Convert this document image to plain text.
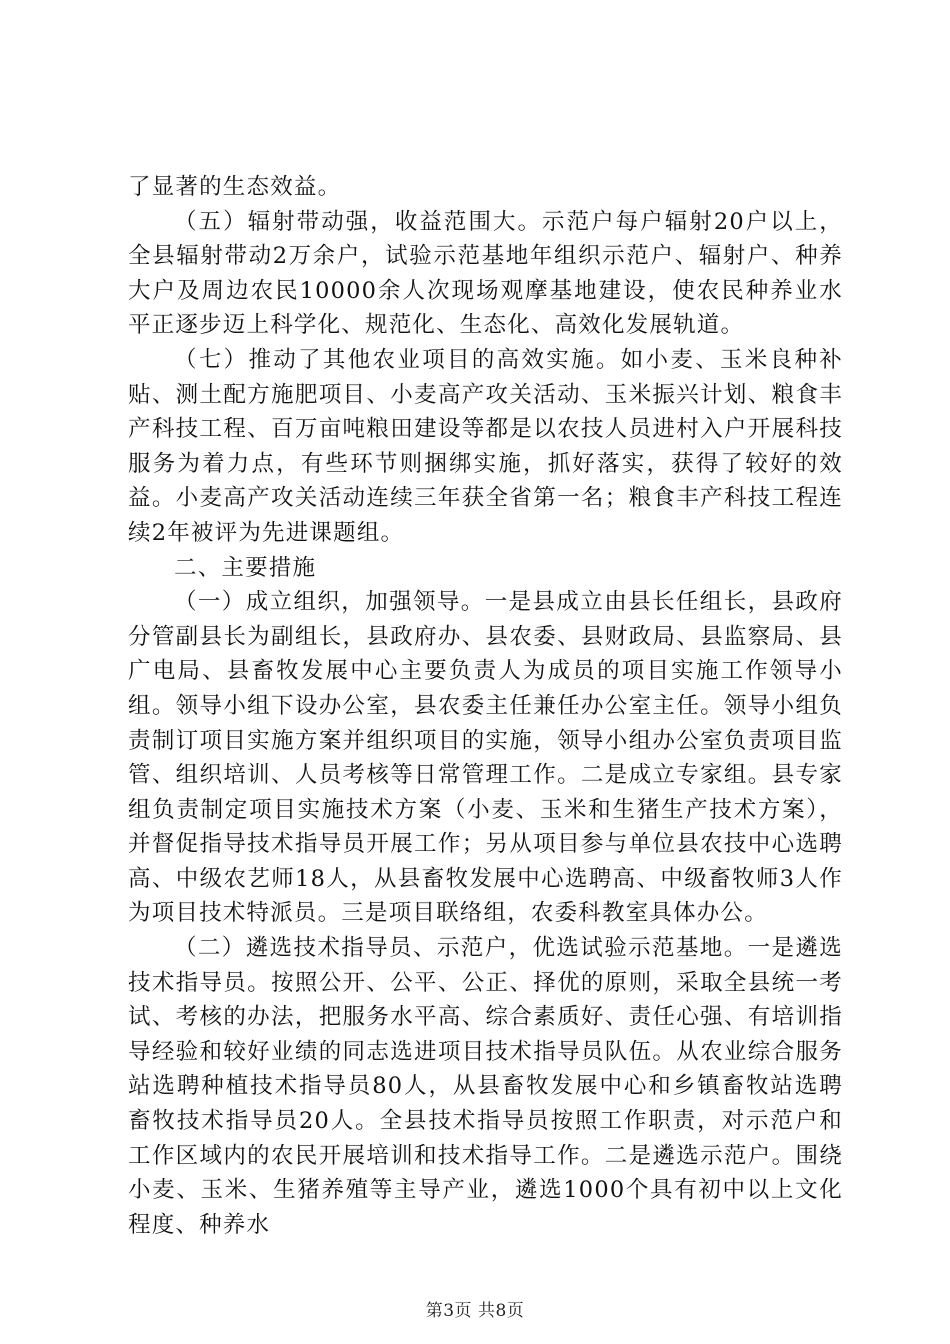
了显著的生态效益。

（五）辐射带动强，收益范围大。示范户每户辐射20户以上，全县辐射带动2万余户，试验示范基地年组织示范户、辐射户、种养大户及周边农民10000余人次现场观摩基地建设，使农民种养业水平正逐步迈上科学化、规范化、生态化、高效化发展轨道。

（七）推动了其他农业项目的高效实施。如小麦、玉米良种补贴、测土配方施肥项目、小麦高产攻关活动、玉米振兴计划、粮食丰产科技工程、百万亩吨粮田建设等都是以农技人员进村入户开展科技服务为着力点，有些环节则捆绑实施，抓好落实，获得了较好的效益。小麦高产攻关活动连续三年获全省第一名；粮食丰产科技工程连续2年被评为先进课题组。

二、主要措施

（一）成立组织，加强领导。一是县成立由县长任组长，县政府分管副县长为副组长，县政府办、县农委、县财政局、县监察局、县广电局、县畜牧发展中心主要负责人为成员的项目实施工作领导小组。领导小组下设办公室，县农委主任兼任办公室主任。领导小组负责制订项目实施方案并组织项目的实施，领导小组办公室负责项目监管、组织培训、人员考核等日常管理工作。二是成立专家组。县专家组负责制定项目实施技术方案（小麦、玉米和生猪生产技术方案），并督促指导技术指导员开展工作；另从项目参与单位县农技中心选聘高、中级农艺师18人，从县畜牧发展中心选聘高、中级畜牧师3人作为项目技术特派员。三是项目联络组，农委科教室具体办公。

（二）遴选技术指导员、示范户，优选试验示范基地。一是遴选技术指导员。按照公开、公平、公正、择优的原则，采取全县统一考试、考核的办法，把服务水平高、综合素质好、责任心强、有培训指导经验和较好业绩的同志选进项目技术指导员队伍。从农业综合服务站选聘种植技术指导员80人，从县畜牧发展中心和乡镇畜牧站选聘畜牧技术指导员20人。全县技术指导员按照工作职责，对示范户和工作区域内的农民开展培训和技术指导工作。二是遴选示范户。围绕小麦、玉米、生猪养殖等主导产业，遴选1000个具有初中以上文化程度、种养水

第3页 共8页
